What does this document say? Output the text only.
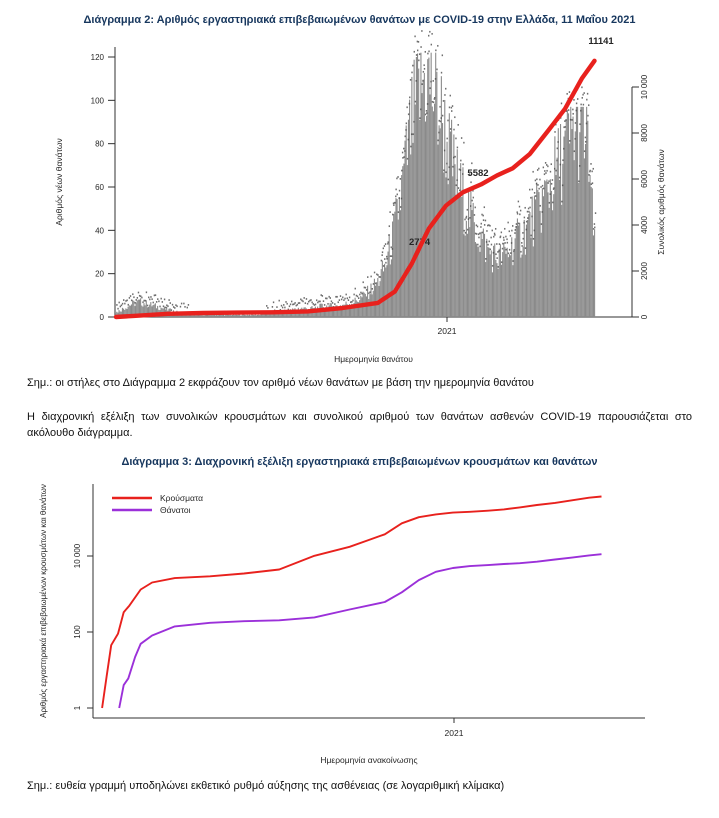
Διάγραμμα 2: Αριθμός εργαστηριακά επιβεβαιωμένων θανάτων με COVID-19 στην Ελλάδα, 11 Μαΐου 2021
0
20
40
60
80
100
120
0
2000
4000
6000
8000
10 000
2021
Ημερομηνία θανάτου
Αριθμός νέων θανάτων	Συνολικός αριθμός θανάτων
2774
5582
11141
Σημ.: οι στήλες στο Διάγραμμα 2 εκφράζουν τον αριθμό νέων θανάτων με βάση την ημερομηνία θανάτου
Η διαχρονική εξέλιξη των συνολικών κρουσμάτων και συνολικού αριθμού των θανάτων ασθενών COVID-19 παρουσιάζεται στο ακόλουθο διάγραμμα.
Διάγραμμα 3: Διαχρονική εξέλιξη εργαστηριακά επιβεβαιωμένων κρουσμάτων και θανάτων
1
100
10 000
2021
Ημερομηνία ανακοίνωσης
Αριθμός εργαστηριακά επιβεβαιωμένων κρουσμάτων και θανάτων	Κρούσματα
Θάνατοι
Σημ.: ευθεία γραμμή υποδηλώνει εκθετικό ρυθμό αύξησης της ασθένειας (σε λογαριθμική κλίμακα)
